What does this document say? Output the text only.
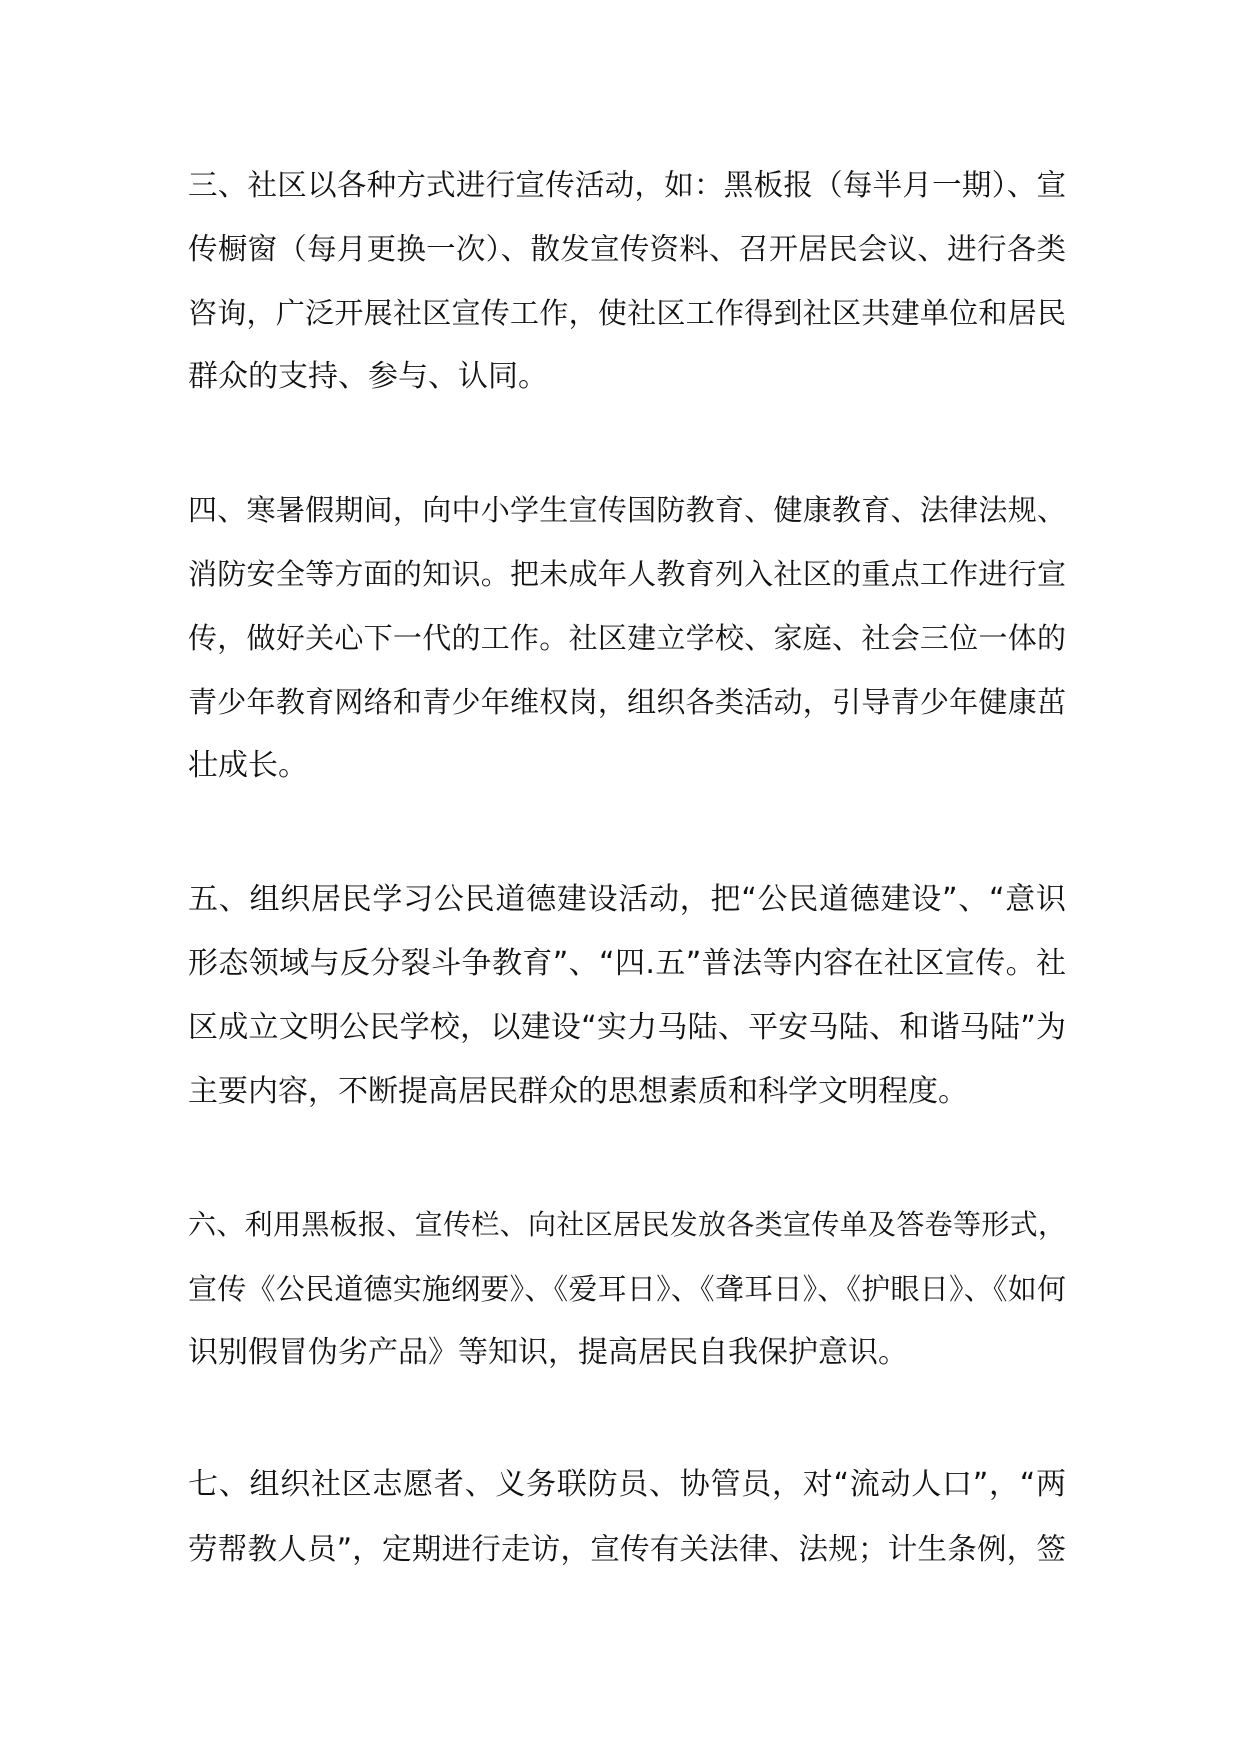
三、社区以各种方式进行宣传活动，如：黑板报（每半月一期）、宣
传橱窗（每月更换一次）、散发宣传资料、召开居民会议、进行各类
咨询，广泛开展社区宣传工作，使社区工作得到社区共建单位和居民
群众的支持、参与、认同。
四、寒暑假期间，向中小学生宣传国防教育、健康教育、法律法规、
消防安全等方面的知识。把未成年人教育列入社区的重点工作进行宣
传，做好关心下一代的工作。社区建立学校、家庭、社会三位一体的
青少年教育网络和青少年维权岗，组织各类活动，引导青少年健康茁
壮成长。
五、组织居民学习公民道德建设活动，把“公民道德建设”、“意识
形态领域与反分裂斗争教育”、“四.五”普法等内容在社区宣传。社
区成立文明公民学校，以建设“实力马陆、平安马陆、和谐马陆”为
主要内容，不断提高居民群众的思想素质和科学文明程度。
六、利用黑板报、宣传栏、向社区居民发放各类宣传单及答卷等形式，
宣传《公民道德实施纲要》、《爱耳日》、《聋耳日》、《护眼日》、《如何
识别假冒伪劣产品》等知识，提高居民自我保护意识。
七、组织社区志愿者、义务联防员、协管员，对“流动人口”，“两
劳帮教人员”，定期进行走访，宣传有关法律、法规；计生条例，签
